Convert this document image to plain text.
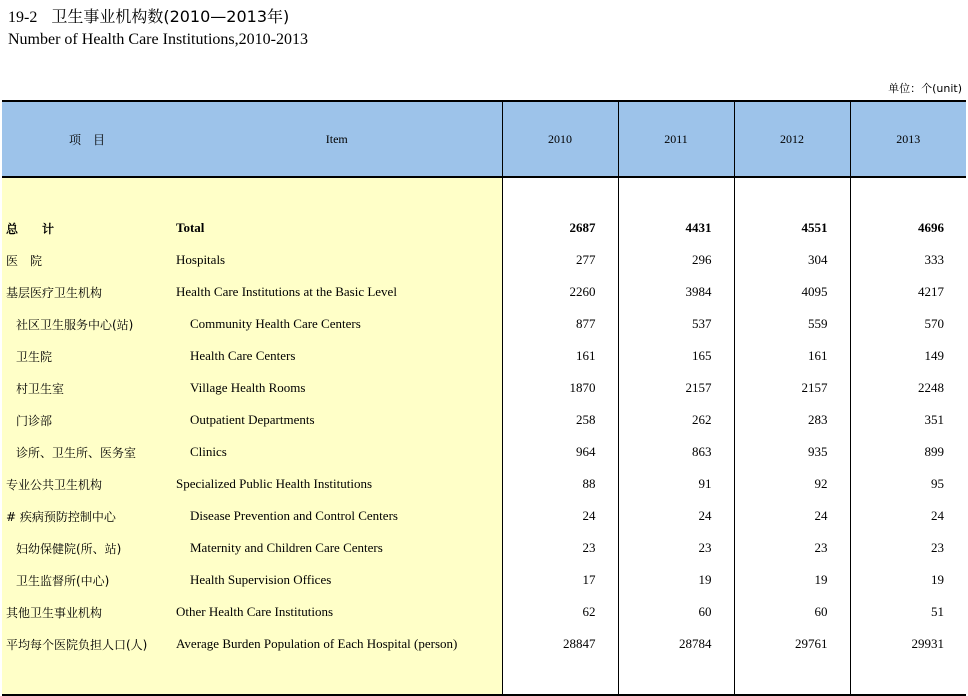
19-2 卫生事业机构数(2010—2013年)
Number of Health Care Institutions,2010-2013
单位：个(unit)
项　目	Item	2010	2011	2012	2013

总　　计	Total	2687	4431	4551	4696
医　院	Hospitals	277	296	304	333
基层医疗卫生机构	Health Care Institutions at the Basic Level	2260	3984	4095	4217
社区卫生服务中心(站)	Community Health Care Centers	877	537	559	570
卫生院	Health Care Centers	161	165	161	149
村卫生室	Village Health Rooms	1870	2157	2157	2248
门诊部	Outpatient Departments	258	262	283	351
诊所、卫生所、医务室	Clinics	964	863	935	899
专业公共卫生机构	Specialized Public Health Institutions	88	91	92	95
# 疾病预防控制中心	Disease Prevention and Control Centers	24	24	24	24
妇幼保健院(所、站)	Maternity and Children Care Centers	23	23	23	23
卫生监督所(中心)	Health Supervision Offices	17	19	19	19
其他卫生事业机构	Other Health Care Institutions	62	60	60	51
平均每个医院负担人口(人)	Average Burden Population of Each Hospital (person)	28847	28784	29761	29931
